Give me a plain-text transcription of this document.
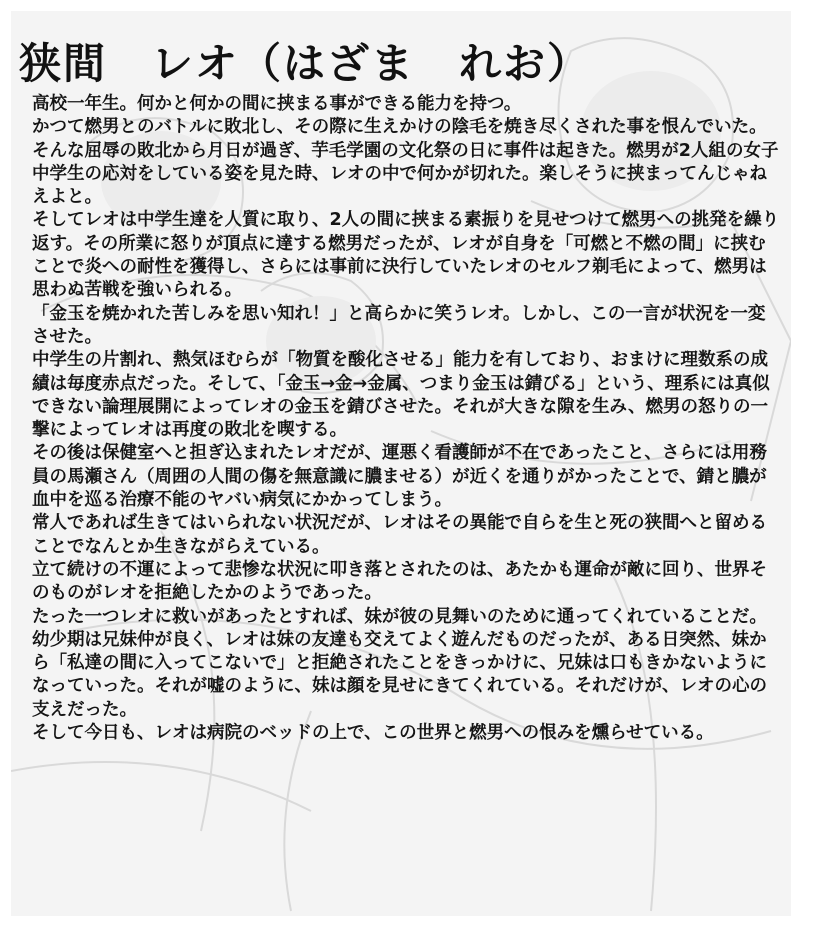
狭間　レオ（はざま　れお）

高校一年生。何かと何かの間に挟まる事ができる能力を持つ。

かつて燃男とのバトルに敗北し、その際に生えかけの陰毛を焼き尽くされた事を恨んでいた。

そんな屈辱の敗北から月日が過ぎ、芋毛学園の文化祭の日に事件は起きた。燃男が2人組の女子中学生の応対をしている姿を見た時、レオの中で何かが切れた。楽しそうに挟まってんじゃねえよと。

そしてレオは中学生達を人質に取り、2人の間に挟まる素振りを見せつけて燃男への挑発を繰り返す。その所業に怒りが頂点に達する燃男だったが、レオが自身を「可燃と不燃の間」に挟むことで炎への耐性を獲得し、さらには事前に決行していたレオのセルフ剃毛によって、燃男は思わぬ苦戦を強いられる。

「金玉を焼かれた苦しみを思い知れ！」と高らかに笑うレオ。しかし、この一言が状況を一変させた。

中学生の片割れ、熱気ほむらが「物質を酸化させる」能力を有しており、おまけに理数系の成績は毎度赤点だった。そして、「金玉→金→金属、つまり金玉は錆びる」という、理系には真似できない論理展開によってレオの金玉を錆びさせた。それが大きな隙を生み、燃男の怒りの一撃によってレオは再度の敗北を喫する。

その後は保健室へと担ぎ込まれたレオだが、運悪く看護師が不在であったこと、さらには用務員の馬瀬さん（周囲の人間の傷を無意識に膿ませる）が近くを通りがかったことで、錆と膿が血中を巡る治療不能のヤバい病気にかかってしまう。

常人であれば生きてはいられない状況だが、レオはその異能で自らを生と死の狭間へと留めることでなんとか生きながらえている。

立て続けの不運によって悲惨な状況に叩き落とされたのは、あたかも運命が敵に回り、世界そのものがレオを拒絶したかのようであった。

たった一つレオに救いがあったとすれば、妹が彼の見舞いのために通ってくれていることだ。幼少期は兄妹仲が良く、レオは妹の友達も交えてよく遊んだものだったが、ある日突然、妹から「私達の間に入ってこないで」と拒絶されたことをきっかけに、兄妹は口もきかないようになっていった。それが嘘のように、妹は顔を見せにきてくれている。それだけが、レオの心の支えだった。

そして今日も、レオは病院のベッドの上で、この世界と燃男への恨みを燻らせている。
